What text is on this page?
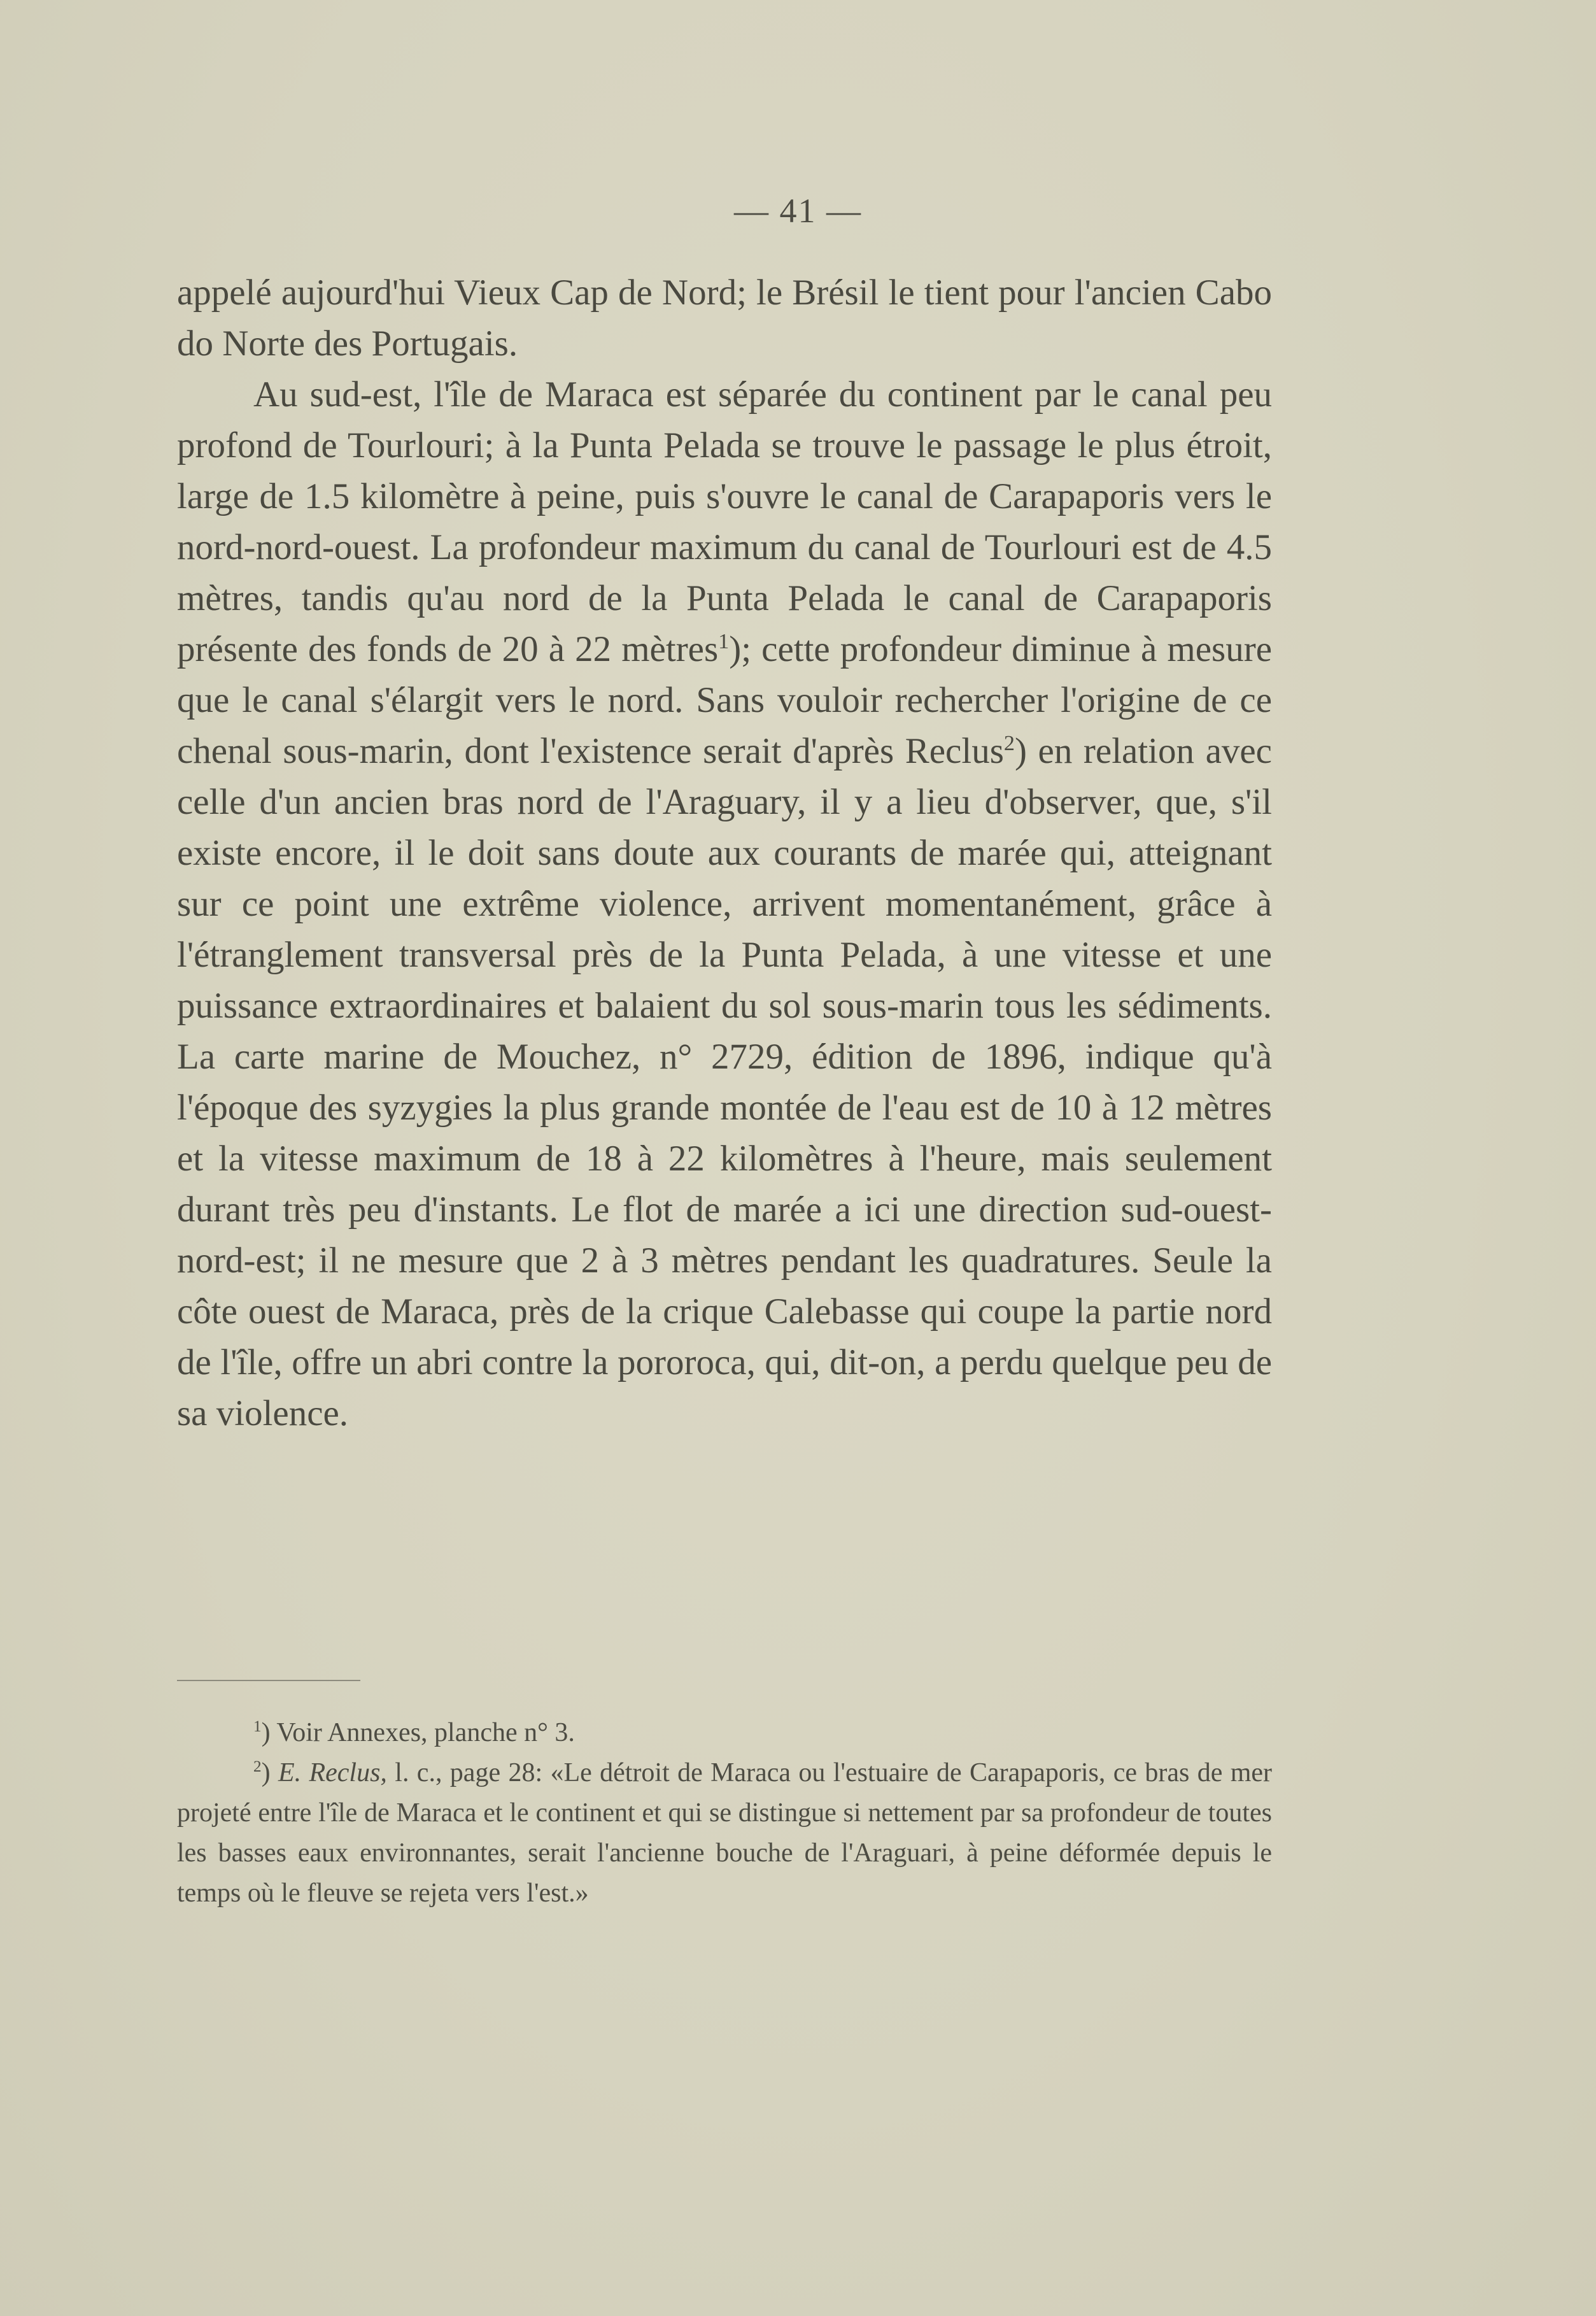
— 41 —

appelé aujourd'hui Vieux Cap de Nord; le Brésil le tient pour l'ancien Cabo do Norte des Portugais.

Au sud-est, l'île de Maraca est séparée du continent par le canal peu profond de Tourlouri; à la Punta Pelada se trouve le passage le plus étroit, large de 1.5 kilomètre à peine, puis s'ouvre le canal de Carapaporis vers le nord-nord-ouest. La profondeur maximum du canal de Tourlouri est de 4.5 mètres, tandis qu'au nord de la Punta Pelada le canal de Carapaporis présente des fonds de 20 à 22 mètres$^1$); cette profondeur diminue à mesure que le canal s'élargit vers le nord. Sans vouloir rechercher l'origine de ce chenal sous-marin, dont l'existence serait d'après Reclus$^2$) en relation avec celle d'un ancien bras nord de l'Araguary, il y a lieu d'observer, que, s'il existe encore, il le doit sans doute aux courants de marée qui, atteignant sur ce point une extrême violence, arrivent momentanément, grâce à l'étranglement transversal près de la Punta Pelada, à une vitesse et une puissance extraordinaires et balaient du sol sous-marin tous les sédiments. La carte marine de Mouchez, n° 2729, édition de 1896, indique qu'à l'époque des syzygies la plus grande montée de l'eau est de 10 à 12 mètres et la vitesse maximum de 18 à 22 kilomètres à l'heure, mais seulement durant très peu d'instants. Le flot de marée a ici une direction sud-ouest-nord-est; il ne mesure que 2 à 3 mètres pendant les quadratures. Seule la côte ouest de Maraca, près de la crique Calebasse qui coupe la partie nord de l'île, offre un abri contre la pororoca, qui, dit-on, a perdu quelque peu de sa violence.

$^1$) Voir Annexes, planche n° 3.

$^2$) E. Reclus, l. c., page 28: «Le détroit de Maraca ou l'estuaire de Carapaporis, ce bras de mer projeté entre l'île de Maraca et le continent et qui se distingue si nettement par sa profondeur de toutes les basses eaux environnantes, serait l'ancienne bouche de l'Araguari, à peine déformée depuis le temps où le fleuve se rejeta vers l'est.»
